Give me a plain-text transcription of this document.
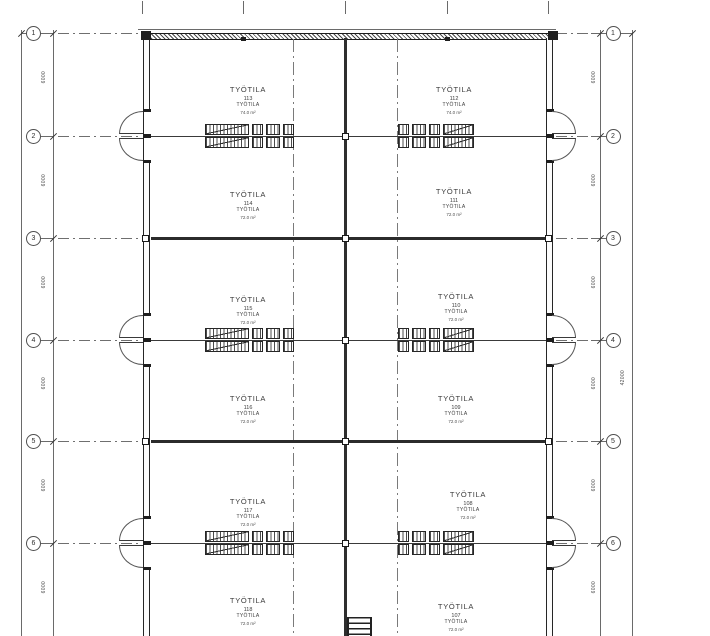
42000
1	1
2	2
3	3
4	4
5	5
6	6
6000	6000
6000	6000
6000	6000
6000	6000
6000	6000
6000	6000
TYÖTILA
113
TYÖTILA
74.0 m²
TYÖTILA
112
TYÖTILA
74.0 m²
TYÖTILA
114
TYÖTILA
72.0 m²
TYÖTILA
111
TYÖTILA
72.0 m²
TYÖTILA
115
TYÖTILA
72.0 m²
TYÖTILA
110
TYÖTILA
72.0 m²
TYÖTILA
116
TYÖTILA
72.0 m²
TYÖTILA
109
TYÖTILA
72.0 m²
TYÖTILA
117
TYÖTILA
72.0 m²
TYÖTILA
108
TYÖTILA
72.0 m²
TYÖTILA
118
TYÖTILA
72.0 m²
TYÖTILA
107
TYÖTILA
72.0 m²
